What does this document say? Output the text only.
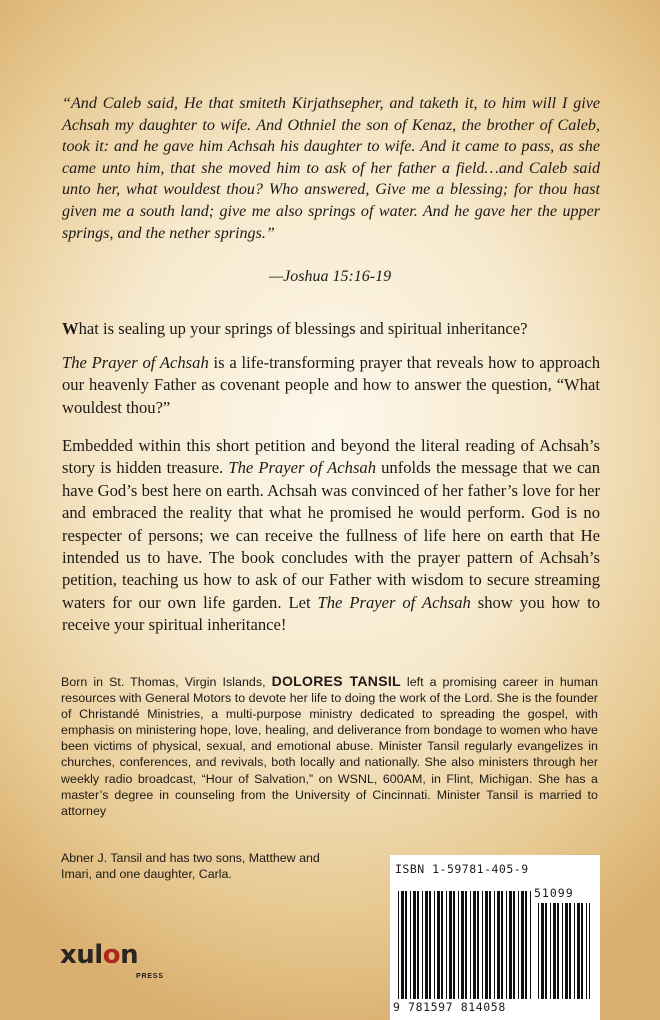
“And Caleb said, He that smiteth Kirjathsepher, and taketh it, to him will I give Achsah my daughter to wife. And Othniel the son of Kenaz, the brother of Caleb, took it: and he gave him Achsah his daughter to wife. And it came to pass, as she came unto him, that she moved him to ask of her father a field…and Caleb said unto her, what wouldest thou? Who answered, Give me a blessing; for thou hast given me a south land; give me also springs of water. And he gave her the upper springs, and the nether springs.”
—Joshua 15:16-19
What is sealing up your springs of blessings and spiritual inheritance?
The Prayer of Achsah is a life-transforming prayer that reveals how to approach our heavenly Father as covenant people and how to answer the question, “What wouldest thou?”
Embedded within this short petition and beyond the literal reading of Achsah’s story is hidden treasure. The Prayer of Achsah unfolds the message that we can have God’s best here on earth. Achsah was convinced of her father’s love for her and embraced the reality that what he promised he would perform. God is no respecter of persons; we can receive the fullness of life here on earth that He intended us to have. The book concludes with the prayer pattern of Achsah’s petition, teaching us how to ask of our Father with wisdom to secure streaming waters for our own life garden. Let The Prayer of Achsah show you how to receive your spiritual inheritance!
Born in St. Thomas, Virgin Islands, DOLORES TANSIL left a promising career in human resources with General Motors to devote her life to doing the work of the Lord. She is the founder of Christandé Ministries, a multi-purpose ministry dedicated to spreading the gospel, with emphasis on ministering hope, love, healing, and deliverance from bondage to women who have been victims of physical, sexual, and emotional abuse. Minister Tansil regularly evangelizes in churches, conferences, and revivals, both locally and nationally. She also ministers through her weekly radio broadcast, “Hour of Salvation,” on WSNL, 600AM, in Flint, Michigan. She has a master’s degree in counseling from the University of Cincinnati. Minister Tansil is married to attorney
Abner J. Tansil and has two sons, Matthew and
Imari, and one daughter, Carla.	ISBN 1-59781-405-9
51099
9 781597 814058
xulon
PRESS
